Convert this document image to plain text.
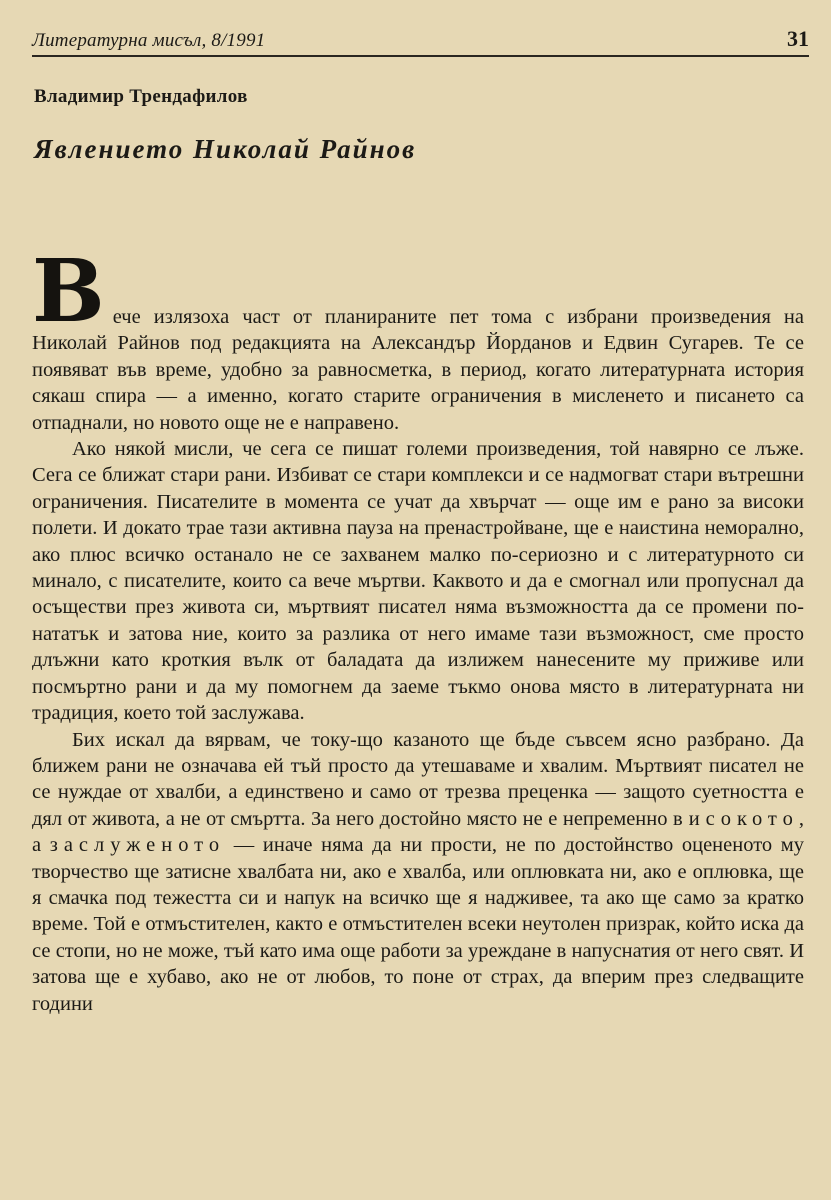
Литературна мисъл, 8/1991	31
Владимир Трендафилов
Явлението Николай Райнов

Вече излязоха част от планираните пет тома с избрани произведения на Николай Райнов под редакцията на Александър Йорданов и Едвин Сугарев. Те се появяват във време, удобно за равносметка, в период, когато литературната история сякаш спира — а именно, когато старите ограничения в мисленето и писането са отпаднали, но новото още не е направено.

Ако някой мисли, че сега се пишат големи произведения, той навярно се лъже. Сега се ближат стари рани. Избиват се стари комплекси и се надмогват стари вътрешни ограничения. Писателите в момента се учат да хвърчат — още им е рано за високи полети. И докато трае тази активна пауза на пренастройване, ще е наистина неморално, ако плюс всичко останало не се захванем малко по-сериозно и с литературното си минало, с писателите, които са вече мъртви. Каквото и да е смогнал или пропуснал да осъществи през живота си, мъртвият писател няма възможността да се промени по-нататък и затова ние, които за разлика от него имаме тази възможност, сме просто длъжни като кроткия вълк от баладата да излижем нанесените му приживе или посмъртно рани и да му помогнем да заеме тъкмо онова място в литературната ни традиция, което той заслужава.

Бих искал да вярвам, че току-що казаното ще бъде съвсем ясно разбрано. Да ближем рани не означава ей тъй просто да утешаваме и хвалим. Мъртвият писател не се нуждае от хвалби, а единствено и само от трезва преценка — защото суетността е дял от живота, а не от смъртта. За него достойно място не е непременно високото, а заслуженото — иначе няма да ни прости, не по достойнство оцененото му творчество ще затисне хвалбата ни, ако е хвалба, или оплювката ни, ако е оплювка, ще я смачка под тежестта си и напук на всичко ще я надживее, та ако ще само за кратко време. Той е отмъстителен, както е отмъстителен всеки неутолен призрак, който иска да се стопи, но не може, тъй като има още работи за уреждане в напуснатия от него свят. И затова ще е хубаво, ако не от любов, то поне от страх, да вперим през следващите години
